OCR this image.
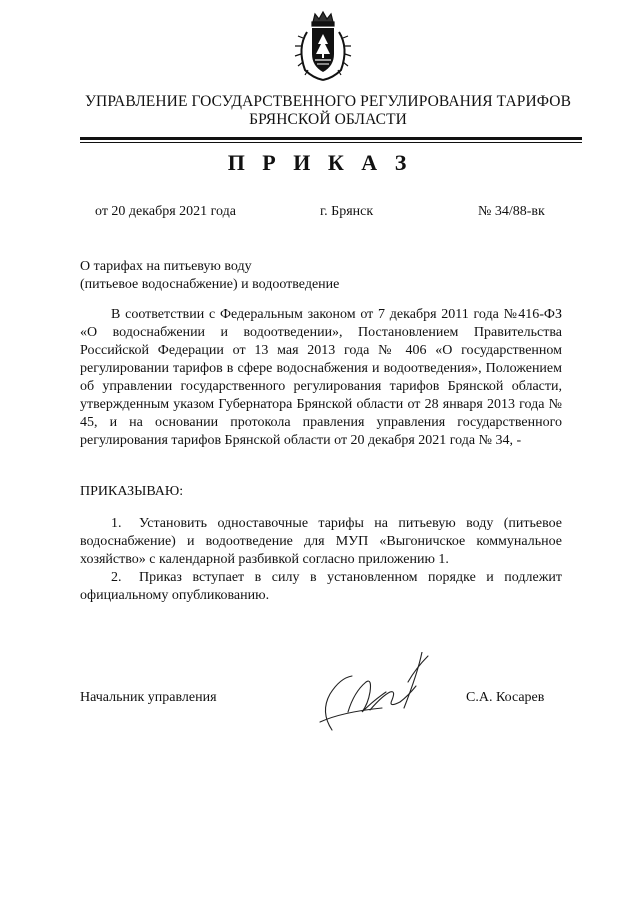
УПРАВЛЕНИЕ ГОСУДАРСТВЕННОГО РЕГУЛИРОВАНИЯ ТАРИФОВ
БРЯНСКОЙ ОБЛАСТИ
П Р И К А З
от 20 декабря 2021 года	г. Брянск	№ 34/88-вк
О тарифах на питьевую воду
(питьевое водоснабжение) и водоотведение
В соответствии с Федеральным законом от 7 декабря 2011 года №416-ФЗ «О водоснабжении и водоотведении», Постановлением Правительства Российской Федерации от 13 мая 2013 года № 406 «О государственном регулировании тарифов в сфере водоснабжения и водоотведения», Положением об управлении государственного регулирования тарифов Брянской области, утвержденным указом Губернатора Брянской области от 28 января 2013 года № 45, и на основании протокола правления управления государственного регулирования тарифов Брянской области от 20 декабря 2021 года № 34, -
ПРИКАЗЫВАЮ:
1. Установить одноставочные тарифы на питьевую воду (питьевое водоснабжение) и водоотведение для МУП «Выгоничское коммунальное хозяйство» с календарной разбивкой согласно приложению 1.
2. Приказ вступает в силу в установленном порядке и подлежит официальному опубликованию.
Начальник управления	С.А. Косарев
